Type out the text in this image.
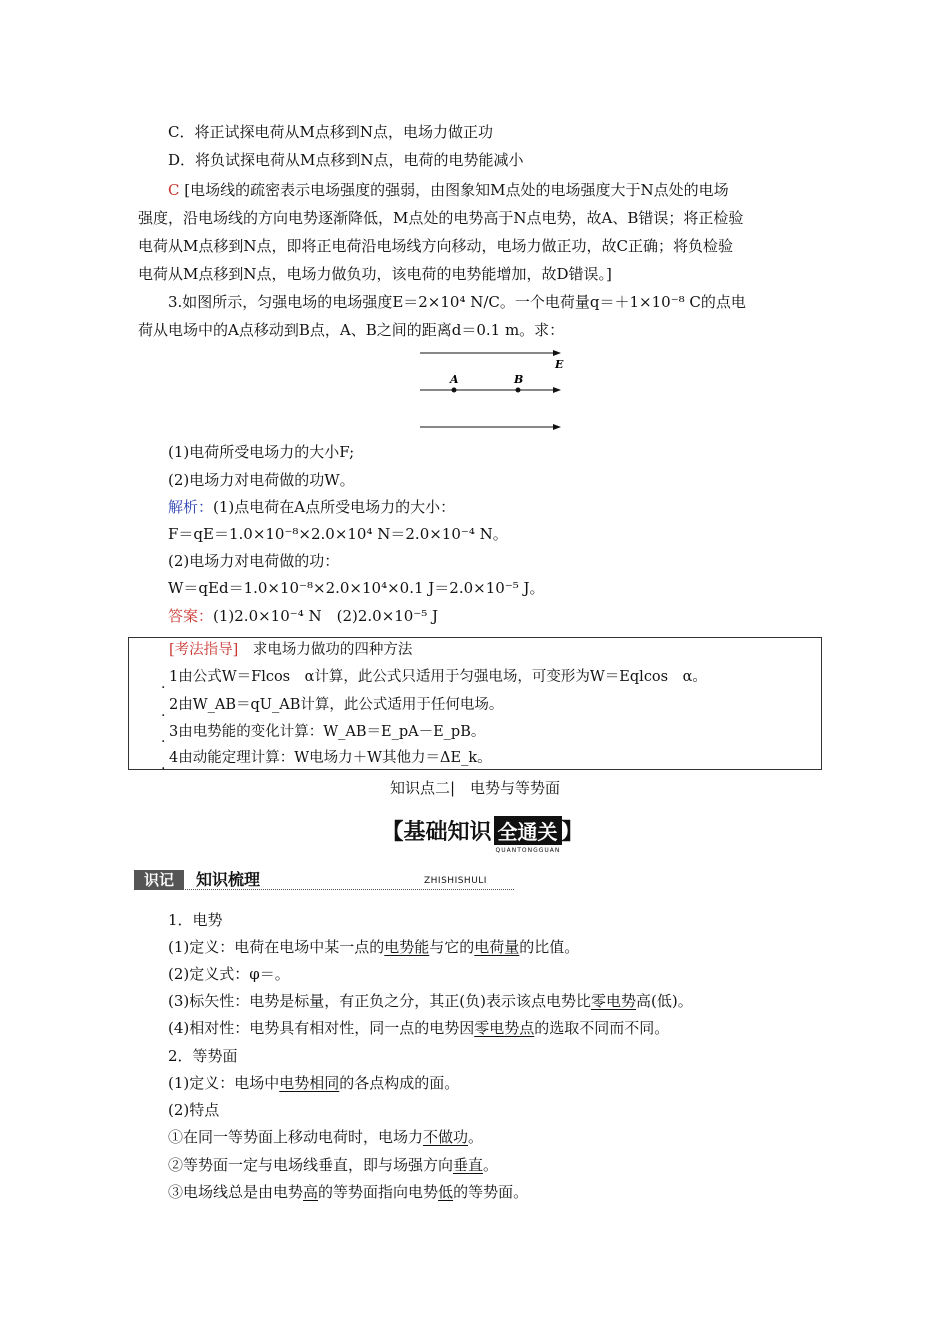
C．将正试探电荷从M点移到N点，电场力做正功
D．将负试探电荷从M点移到N点，电荷的电势能减小
C [电场线的疏密表示电场强度的强弱，由图象知M点处的电场强度大于N点处的电场
强度，沿电场线的方向电势逐渐降低，M点处的电势高于N点电势，故A、B错误；将正检验
电荷从M点移到N点，即将正电荷沿电场线方向移动，电场力做正功，故C正确；将负检验
电荷从M点移到N点，电场力做负功，该电荷的电势能增加，故D错误。]
3.如图所示，匀强电场的电场强度E＝2×10⁴ N/C。一个电荷量q＝＋1×10⁻⁸ C的点电
荷从电场中的A点移动到B点，A、B之间的距离d＝0.1 m。求：
E
A	B
(1)电荷所受电场力的大小F;
(2)电场力对电荷做的功W。
解析：(1)点电荷在A点所受电场力的大小：
F＝qE＝1.0×10⁻⁸×2.0×10⁴ N＝2.0×10⁻⁴ N。
(2)电场力对电荷做的功：
W＝qEd＝1.0×10⁻⁸×2.0×10⁴×0.1 J＝2.0×10⁻⁵ J。
答案：(1)2.0×10⁻⁴ N　(2)2.0×10⁻⁵ J
[考法指导]　 求电场力做功的四种方法
. 1由公式W＝Flcos　α计算，此公式只适用于匀强电场，可变形为W＝Eqlcos　α。
. 2由W_AB＝qU_AB计算，此公式适用于任何电场。
. 3由电势能的变化计算：W_AB＝E_pA－E_pB。
. 4由动能定理计算：W电场力＋W其他力＝ΔE_k。
知识点二|　电势与等势面
【基础知识 全通关
QUANTONGGUAN
】
识记	知识梳理	ZHISHISHULI
1．电势
(1)定义：电荷在电场中某一点的电势能与它的电荷量的比值。
(2)定义式：φ＝。
(3)标矢性：电势是标量，有正负之分，其正(负)表示该点电势比零电势高(低)。
(4)相对性：电势具有相对性，同一点的电势因零电势点的选取不同而不同。
2．等势面
(1)定义：电场中电势相同的各点构成的面。
(2)特点
①在同一等势面上移动电荷时，电场力不做功。
②等势面一定与电场线垂直，即与场强方向垂直。
③电场线总是由电势高的等势面指向电势低的等势面。
